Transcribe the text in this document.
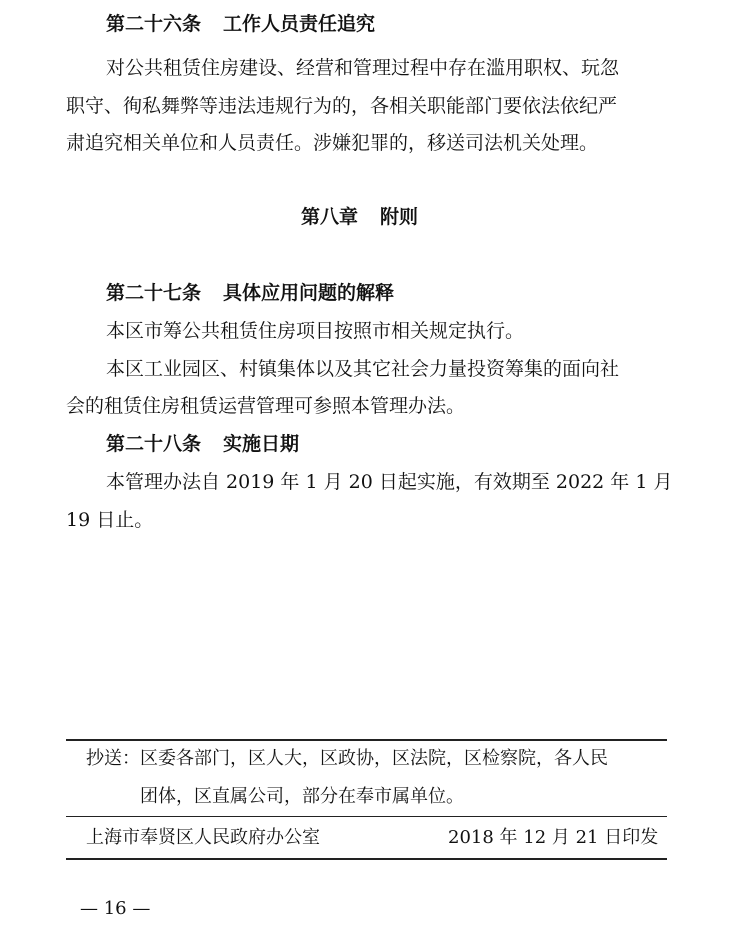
第二十六条 工作人员责任追究
对公共租赁住房建设、经营和管理过程中存在滥用职权、玩忽
职守、徇私舞弊等违法违规行为的，各相关职能部门要依法依纪严
肃追究相关单位和人员责任。涉嫌犯罪的，移送司法机关处理。
第八章 附则
第二十七条 具体应用问题的解释
本区市筹公共租赁住房项目按照市相关规定执行。
本区工业园区、村镇集体以及其它社会力量投资筹集的面向社
会的租赁住房租赁运营管理可参照本管理办法。
第二十八条 实施日期
本管理办法自 2019 年 1 月 20 日起实施，有效期至 2022 年 1 月
19 日止。
抄送：区委各部门，区人大，区政协，区法院，区检察院，各人民
团体，区直属公司，部分在奉市属单位。
上海市奉贤区人民政府办公室	2018 年 12 月 21 日印发
— 16 —
